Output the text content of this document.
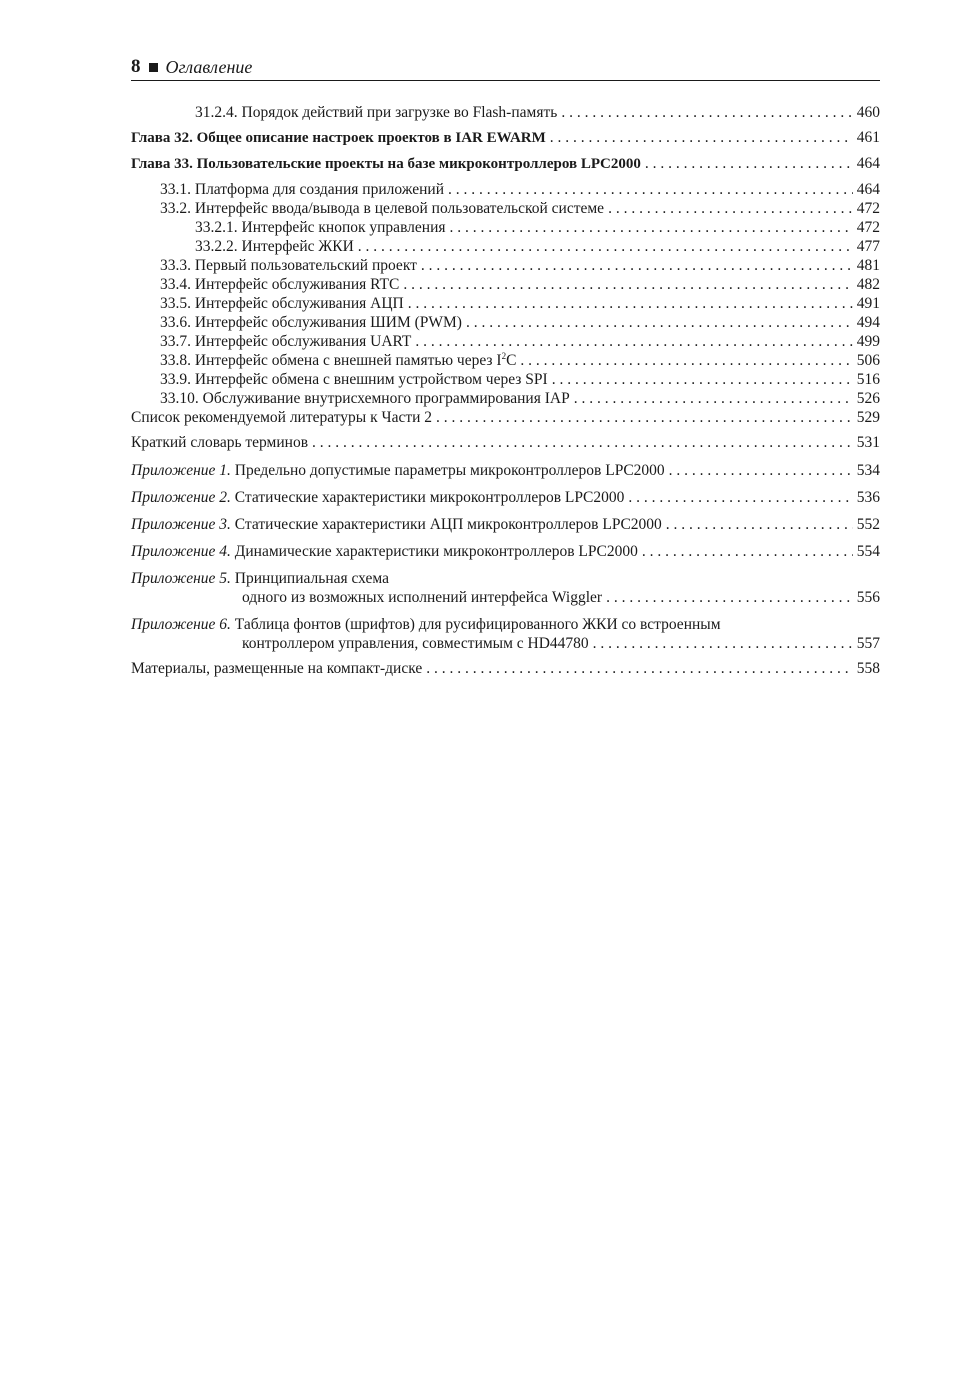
8 Оглавление
31.2.4. Порядок действий при загрузке во Flash-память . . .	460
Глава 32. Общее описание настроек проектов в IAR EWARM . . .	461
Глава 33. Пользовательские проекты на базе микроконтроллеров LPC2000 . . .	464
33.1. Платформа для создания приложений . . .	464
33.2. Интерфейс ввода/вывода в целевой пользовательской системе . . .	472
33.2.1. Интерфейс кнопок управления . . .	472
33.2.2. Интерфейс ЖКИ . . .	477
33.3. Первый пользовательский проект . . .	481
33.4. Интерфейс обслуживания RTC . . .	482
33.5. Интерфейс обслуживания АЦП . . .	491
33.6. Интерфейс обслуживания ШИМ (PWM) . . .	494
33.7. Интерфейс обслуживания UART . . .	499
33.8. Интерфейс обмена с внешней памятью через $I^2C$ . . .	506
33.9. Интерфейс обмена с внешним устройством через SPI . . .	516
33.10. Обслуживание внутрисхемного программирования IAP . . .	526
Список рекомендуемой литературы к Части 2 . . .	529
Краткий словарь терминов . . .	531
Приложение 1. Предельно допустимые параметры микроконтроллеров LPC2000 . . .	534
Приложение 2. Статические характеристики микроконтроллеров LPC2000 . . .	536
Приложение 3. Статические характеристики АЦП микроконтроллеров LPC2000 . . .	552
Приложение 4. Динамические характеристики микроконтроллеров LPC2000 . . .	554
Приложение 5. Принципиальная схема
одного из возможных исполнений интерфейса Wiggler . . .	556
Приложение 6. Таблица фонтов (шрифтов) для русифицированного ЖКИ со встроенным
контроллером управления, совместимым с HD44780 . . .	557
Материалы, размещенные на компакт-диске . . .	558
